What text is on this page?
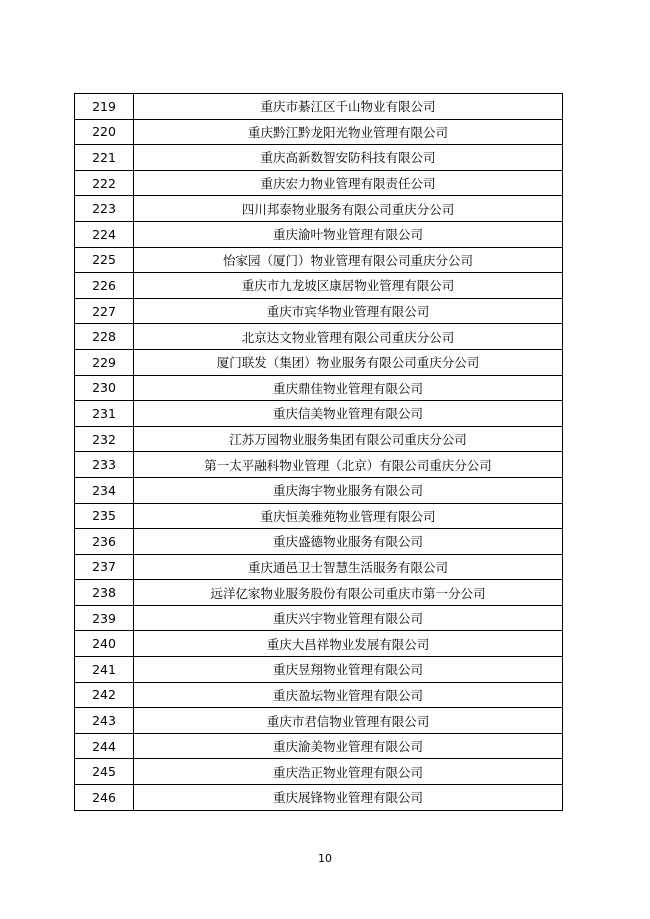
219	重庆市綦江区千山物业有限公司
220	重庆黔江黔龙阳光物业管理有限公司
221	重庆高新数智安防科技有限公司
222	重庆宏力物业管理有限责任公司
223	四川邦泰物业服务有限公司重庆分公司
224	重庆渝叶物业管理有限公司
225	怡家园（厦门）物业管理有限公司重庆分公司
226	重庆市九龙坡区康居物业管理有限公司
227	重庆市宾华物业管理有限公司
228	北京达文物业管理有限公司重庆分公司
229	厦门联发（集团）物业服务有限公司重庆分公司
230	重庆鼎佳物业管理有限公司
231	重庆信美物业管理有限公司
232	江苏万园物业服务集团有限公司重庆分公司
233	第一太平融科物业管理（北京）有限公司重庆分公司
234	重庆海宇物业服务有限公司
235	重庆恒美雅苑物业管理有限公司
236	重庆盛德物业服务有限公司
237	重庆通邑卫士智慧生活服务有限公司
238	远洋亿家物业服务股份有限公司重庆市第一分公司
239	重庆兴宇物业管理有限公司
240	重庆大昌祥物业发展有限公司
241	重庆昱翔物业管理有限公司
242	重庆盈坛物业管理有限公司
243	重庆市君信物业管理有限公司
244	重庆渝美物业管理有限公司
245	重庆浩正物业管理有限公司
246	重庆展锋物业管理有限公司
10
